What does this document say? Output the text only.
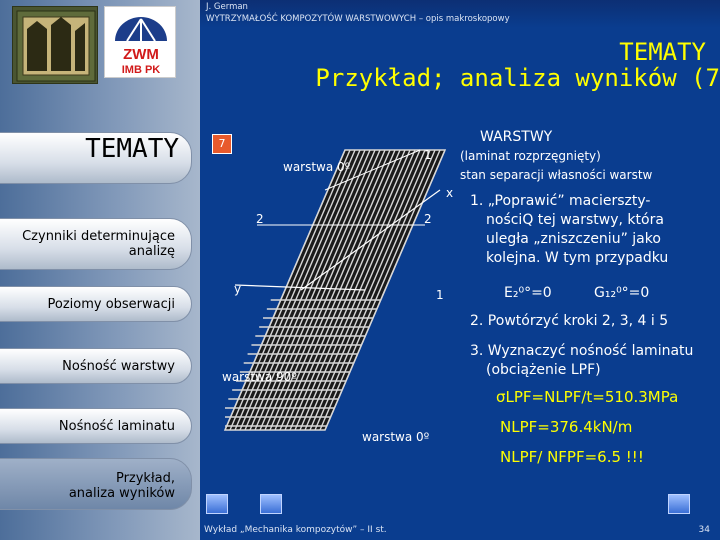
ZWM
IMB PK
J. German
WYTRZYMAŁOŚĆ KOMPOZYTÓW WARSTWOWYCH – opis makroskopowy
TEMATY
Przykład; analiza wyników (7
TEMATY
Czynniki determinujące
analizę
Poziomy obserwacji
Nośność warstwy
Nośność laminatu
Przykład,
analiza wyników
7
warstwa 0º
1
x
2	2
y	1
warstwa 90º
warstwa 0º
WARSTWY
(laminat rozprzęgnięty)
stan separacji własności warstw
1. „Poprawić” macierszty-
nościQ tej warstwy, która
uległa „zniszczeniu” jako
kolejna. W tym przypadku
E₂⁰°=0	G₁₂⁰°=0
2. Powtórzyć kroki 2, 3, 4 i 5
3. Wyznaczyć nośność laminatu
(obciążenie LPF)
σLPF=NLPF/t=510.3MPa
NLPF=376.4kN/m
NLPF/ NFPF=6.5 !!!
Wykład „Mechanika kompozytów” – II st.	34
